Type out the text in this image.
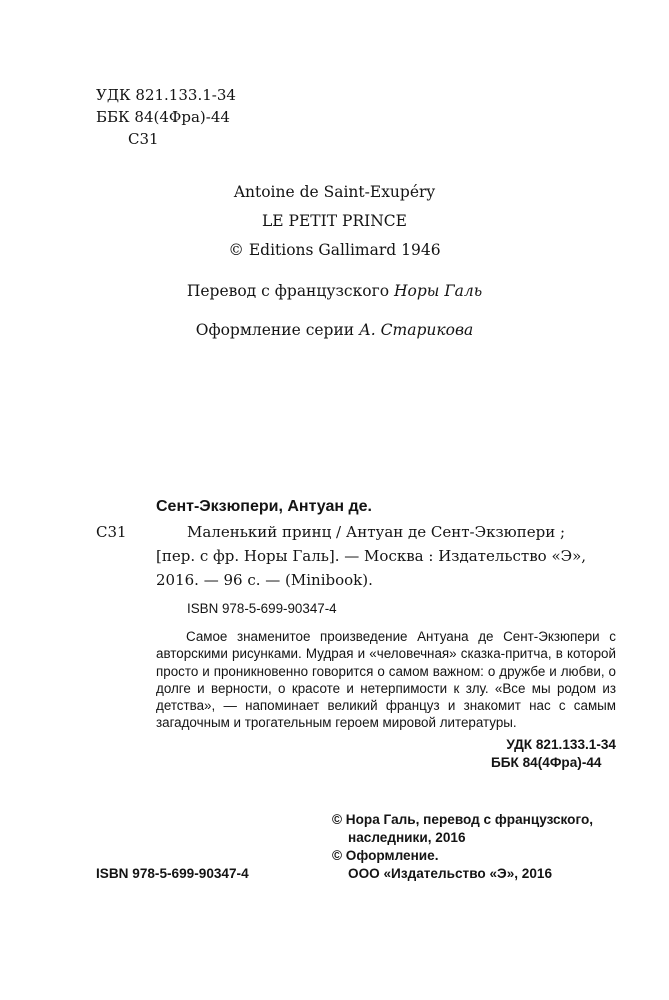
УДК 821.133.1-34
ББК 84(4Фра)-44
С31
Antoine de Saint-Exupéry
LE PETIT PRINCE
© Editions Gallimard 1946
Перевод с французского Норы Галь
Оформление серии А. Старикова
Сент-Экзюпери, Антуан де.
С31	Маленький принц / Антуан де Сент-Экзюпери ;
[пер. с фр. Норы Галь]. — Москва : Издательство «Э»,
2016. — 96 с. — (Minibook).
ISBN 978-5-699-90347-4
Самое знаменитое произведение Антуана де Сент-Экзюпери с авторскими рисунками. Мудрая и «человечная» сказка-притча, в которой просто и проникновенно говорится о самом важном: о дружбе и любви, о долге и верности, о красоте и нетерпимости к злу. «Все мы родом из детства», — напоминает великий француз и знакомит нас с самым загадочным и трогательным героем мировой литературы.
УДК 821.133.1-34
ББК 84(4Фра)-44
© Нора Галь, перевод с французского,
наследники, 2016
© Оформление.
ООО «Издательство «Э», 2016
ISBN 978-5-699-90347-4
